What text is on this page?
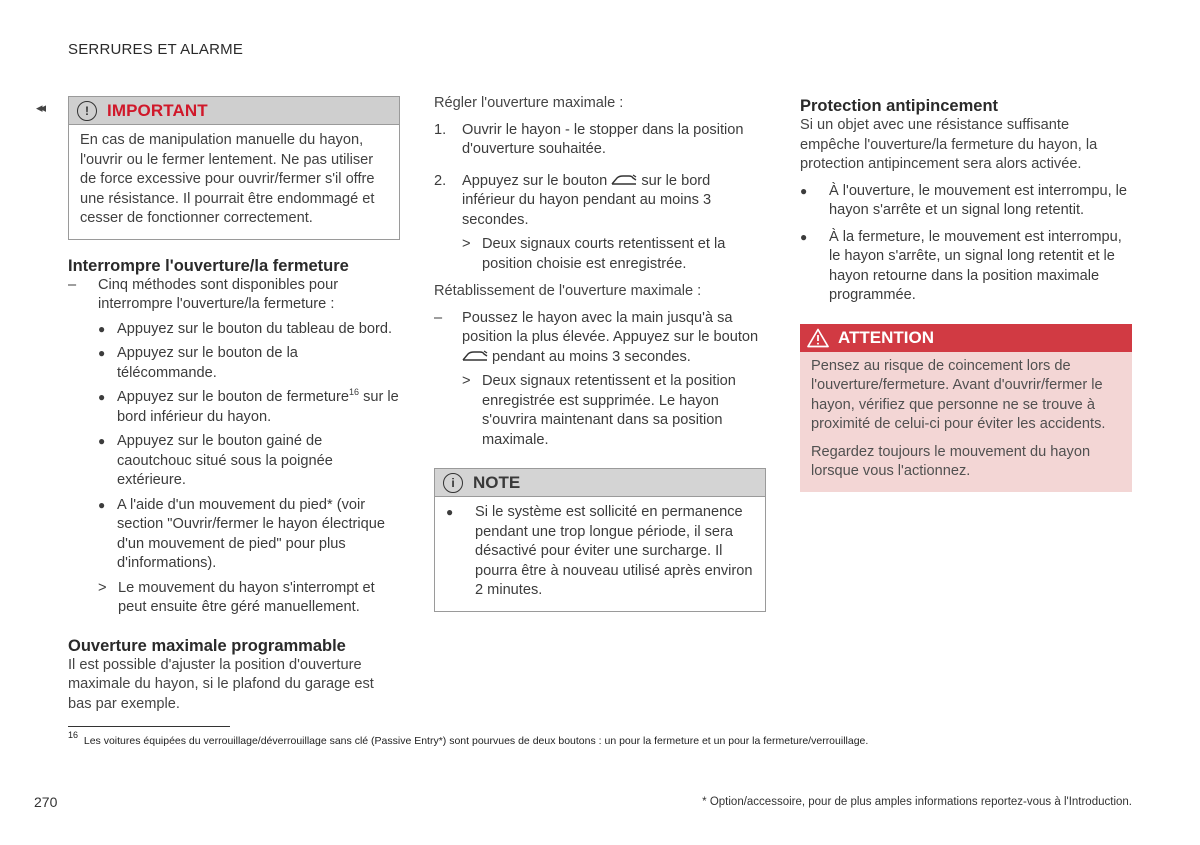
SERRURES ET ALARME
◂◂	!	IMPORTANT
En cas de manipulation manuelle du hayon, l'ouvrir ou le fermer lentement. Ne pas utiliser de force excessive pour ouvrir/fermer s'il offre une résistance. Il pourrait être endommagé et cesser de fonctionner correctement.
Interrompre l'ouverture/la fermeture
–	Cinq méthodes sont disponibles pour interrompre l'ouverture/la fermeture :
● Appuyez sur le bouton du tableau de bord.
● Appuyez sur le bouton de la télécommande.
● Appuyez sur le bouton de fermeture$^{16}$ sur le bord inférieur du hayon.
● Appuyez sur le bouton gainé de caoutchouc situé sous la poignée extérieure.
● A l'aide d'un mouvement du pied* (voir section "Ouvrir/fermer le hayon électrique d'un mouvement de pied" pour plus d'informations).
> Le mouvement du hayon s'interrompt et peut ensuite être géré manuellement.
Ouverture maximale programmable
Il est possible d'ajuster la position d'ouverture maximale du hayon, si le plafond du garage est bas par exemple.
Régler l'ouverture maximale :
1.	Ouvrir le hayon - le stopper dans la position d'ouverture souhaitée.
2.	Appuyez sur le bouton  sur le bord inférieur du hayon pendant au moins 3 secondes.
> Deux signaux courts retentissent et la position choisie est enregistrée.
Rétablissement de l'ouverture maximale :
–	Poussez le hayon avec la main jusqu'à sa position la plus élevée. Appuyez sur le bouton  pendant au moins 3 secondes.
> Deux signaux retentissent et la position enregistrée est supprimée. Le hayon s'ouvrira maintenant dans sa position maximale.
i	NOTE
●	Si le système est sollicité en permanence pendant une trop longue période, il sera désactivé pour éviter une surcharge. Il pourra être à nouveau utilisé après environ 2 minutes.
Protection antipincement
Si un objet avec une résistance suffisante empêche l'ouverture/la fermeture du hayon, la protection antipincement sera alors activée.
●	À l'ouverture, le mouvement est interrompu, le hayon s'arrête et un signal long retentit.
●	À la fermeture, le mouvement est interrompu, le hayon s'arrête, un signal long retentit et le hayon retourne dans la position maximale programmée.
ATTENTION

Pensez au risque de coincement lors de l'ouverture/fermeture. Avant d'ouvrir/fermer le hayon, vérifiez que personne ne se trouve à proximité de celui-ci pour éviter les accidents.

Regardez toujours le mouvement du hayon lorsque vous l'actionnez.

$^{16}$ Les voitures équipées du verrouillage/déverrouillage sans clé (Passive Entry*) sont pourvues de deux boutons : un pour la fermeture et un pour la fermeture/verrouillage.
270	* Option/accessoire, pour de plus amples informations reportez-vous à l'Introduction.
